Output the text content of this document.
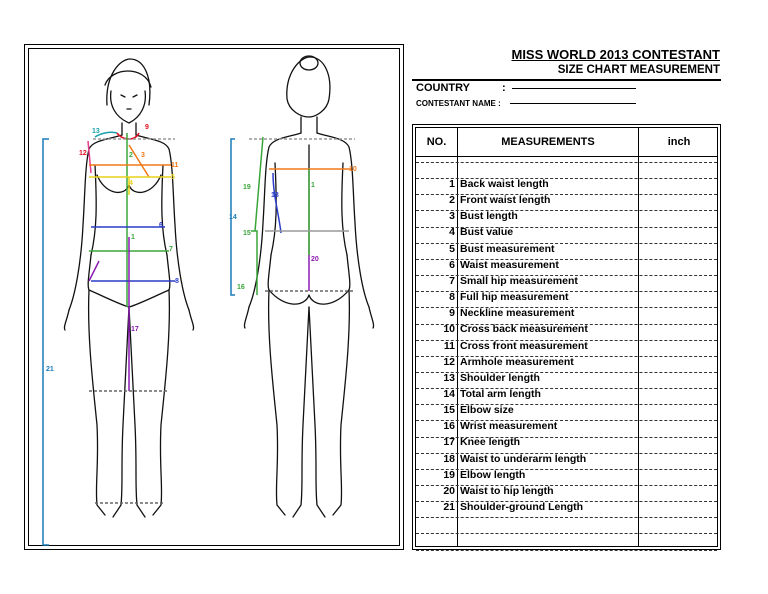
13
9
12	2 3
11
4
5
6
1
7
8
17
21
10
19
18
1
14
15
20
16
MISS WORLD 2013 CONTESTANT
SIZE CHART MEASUREMENT
COUNTRY	:
CONTESTANT NAME :
NO.	MEASUREMENTS	inch
1 Back waist length
2 Front waist length
3 Bust length
4 Bust value
5 Bust measurement
6 Waist measurement
7 Small hip measurement
8 Full hip measurement
9 Neckline measurement
10 Cross back measurement
11 Cross front measurement
12 Armhole measurement
13 Shoulder length
14 Total arm length
15 Elbow size
16 Wrist measurement
17 Knee length
18 Waist to underarm length
19 Elbow length
20 Waist to hip length
21 Shoulder-ground Length
